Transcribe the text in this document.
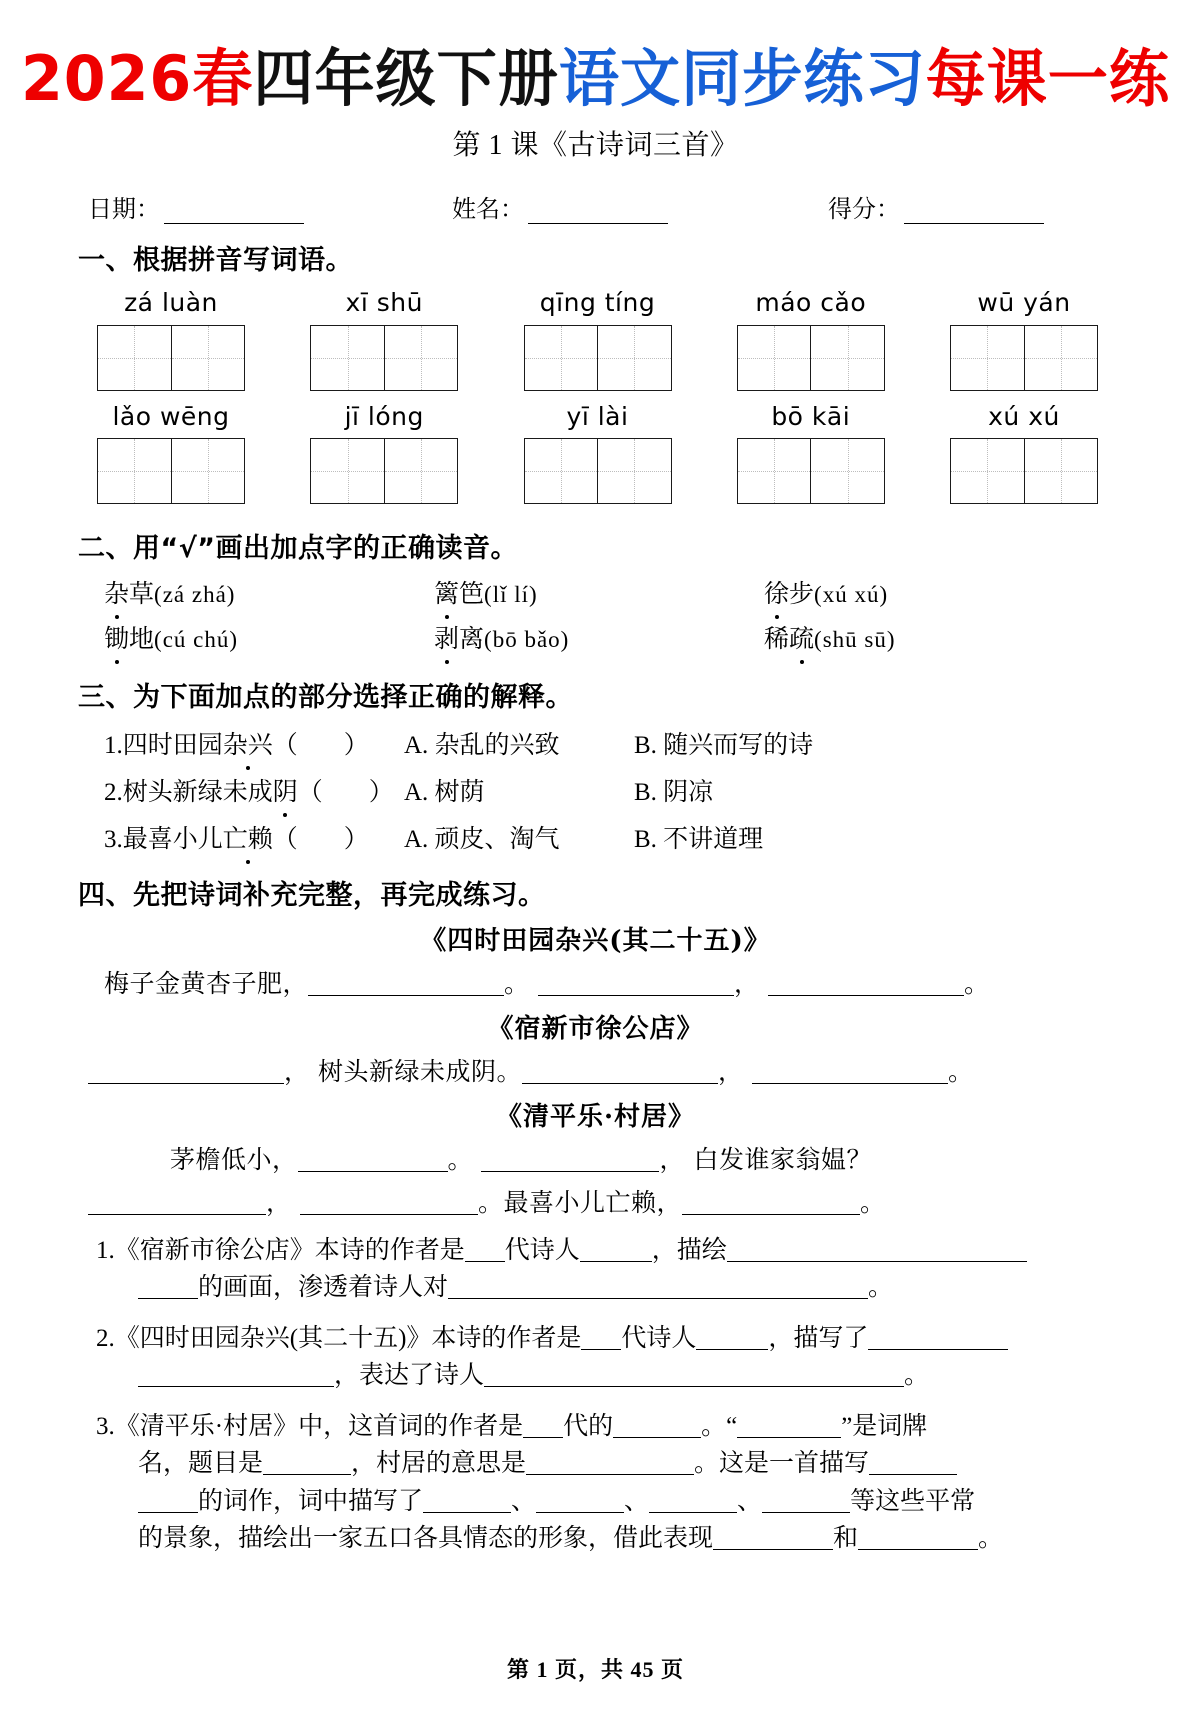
2026春四年级下册语文同步练习每课一练
第 1 课《古诗词三首》
日期：	姓名：	得分：
一、根据拼音写词语。
zá luàn	xī shū	qīng tíng	máo cǎo	wū yán
lǎo wēng	jī lóng	yī lài	bō kāi	xú xú
二、用“√”画出加点字的正确读音。
杂草(zá zhá)	篱笆(lǐ lí)	徐步(xú xú)
锄地(cú chú)	剥离(bō bǎo)	稀疏(shū sū)
三、为下面加点的部分选择正确的解释。
1.四时田园杂兴（ ）	A. 杂乱的兴致	B. 随兴而写的诗
2.树头新绿未成阴（ ） A. 树荫	B. 阴凉
3.最喜小儿亡赖（ ）	A. 顽皮、淘气	B. 不讲道理
四、先把诗词补充完整，再完成练习。
《四时田园杂兴(其二十五)》
梅子金黄杏子肥，	。	，	。
《宿新市徐公店》
， 树头新绿未成阴。	，	。
《清平乐·村居》
茅檐低小，	。	， 白发谁家翁媪？
，	。最喜小儿亡赖，	。
1.《宿新市徐公店》本诗的作者是 代诗人	，描绘
的画面，渗透着诗人对	。
2.《四时田园杂兴(其二十五)》本诗的作者是 代诗人	，描写了
，表达了诗人	。
3.《清平乐·村居》中，这首词的作者是 代的	。“	”是词牌
名，题目是	，村居的意思是	。这是一首描写
的词作，词中描写了	、	、	、	等这些平常
的景象，描绘出一家五口各具情态的形象，借此表现	和	。
第 1 页，共 45 页
